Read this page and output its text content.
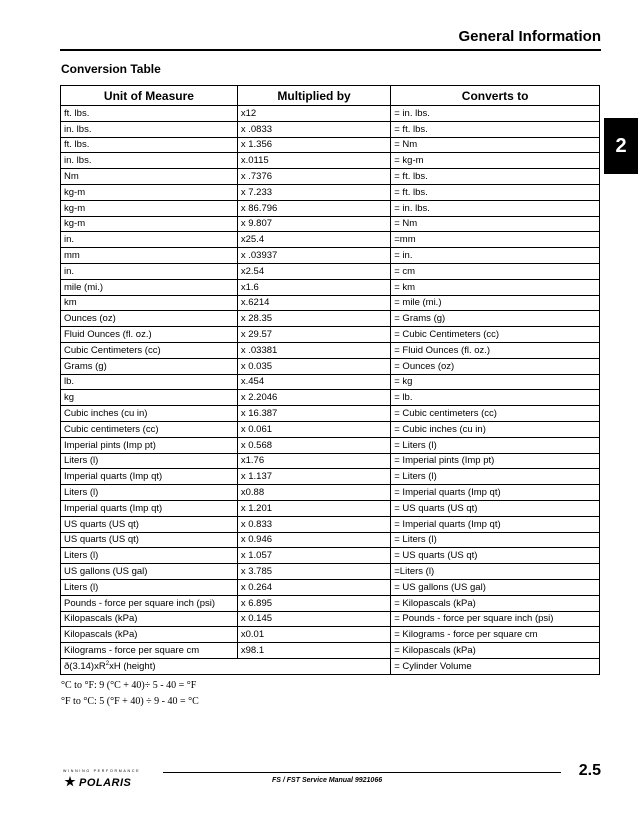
General Information
Conversion Table
2
Unit of Measure	Multiplied by	Converts to
ft. lbs.	x12	= in. lbs.
in. lbs.	x .0833	= ft. lbs.
ft. lbs.	x 1.356	= Nm
in. lbs.	x.0115	= kg-m
Nm	x .7376	= ft. lbs.
kg-m	x 7.233	= ft. lbs.
kg-m	x 86.796	= in. lbs.
kg-m	x 9.807	= Nm
in.	x25.4	=mm
mm	x .03937	= in.
in.	x2.54	= cm
mile (mi.)	x1.6	= km
km	x.6214	= mile (mi.)
Ounces (oz)	x 28.35	= Grams (g)
Fluid Ounces (fl. oz.)	x 29.57	= Cubic Centimeters (cc)
Cubic Centimeters (cc)	x .03381	= Fluid Ounces (fl. oz.)
Grams (g)	x 0.035	= Ounces (oz)
lb.	x.454	= kg
kg	x 2.2046	= lb.
Cubic inches (cu in)	x 16.387	= Cubic centimeters (cc)
Cubic centimeters (cc)	x 0.061	= Cubic inches (cu in)
Imperial pints (Imp pt)	x 0.568	= Liters (l)
Liters (l)	x1.76	= Imperial pints (Imp pt)
Imperial quarts (Imp qt)	x 1.137	= Liters (l)
Liters (l)	x0.88	= Imperial quarts (Imp qt)
Imperial quarts (Imp qt)	x 1.201	= US quarts (US qt)
US quarts (US qt)	x 0.833	= Imperial quarts (Imp qt)
US quarts (US qt)	x 0.946	= Liters (l)
Liters (l)	x 1.057	= US quarts (US qt)
US gallons (US gal)	x 3.785	=Liters (l)
Liters (l)	x 0.264	= US gallons (US gal)
Pounds - force per square inch (psi)	x 6.895	= Kilopascals (kPa)
Kilopascals (kPa)	x 0.145	= Pounds - force per square inch (psi)
Kilopascals (kPa)	x0.01	= Kilograms - force per square cm
Kilograms - force per square cm	x98.1	= Kilopascals (kPa)
$ð(3.14)xR^2xH$ (height)		= Cylinder Volume
°C to °F: 9 (°C + 40)÷ 5 - 40 = °F
°F to °C: 5 (°F + 40) ÷ 9 - 40 = °C
WINNING PERFORMANCE
POLARIS	FS / FST Service Manual 9921066
2.5
